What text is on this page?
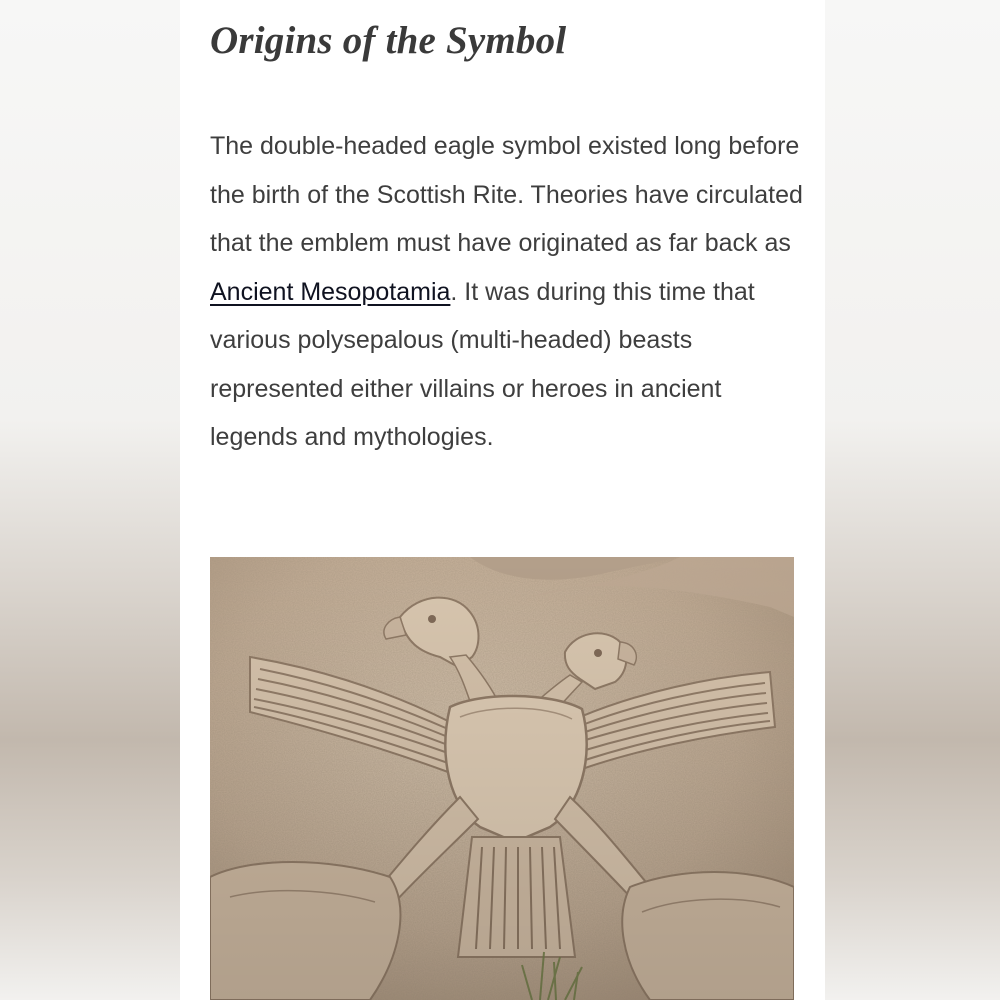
Origins of the Symbol

The double-headed eagle symbol existed long before the birth of the Scottish Rite. Theories have circulated that the emblem must have originated as far back as Ancient Mesopotamia. It was during this time that various polysepalous (multi-headed) beasts represented either villains or heroes in ancient legends and mythologies.
